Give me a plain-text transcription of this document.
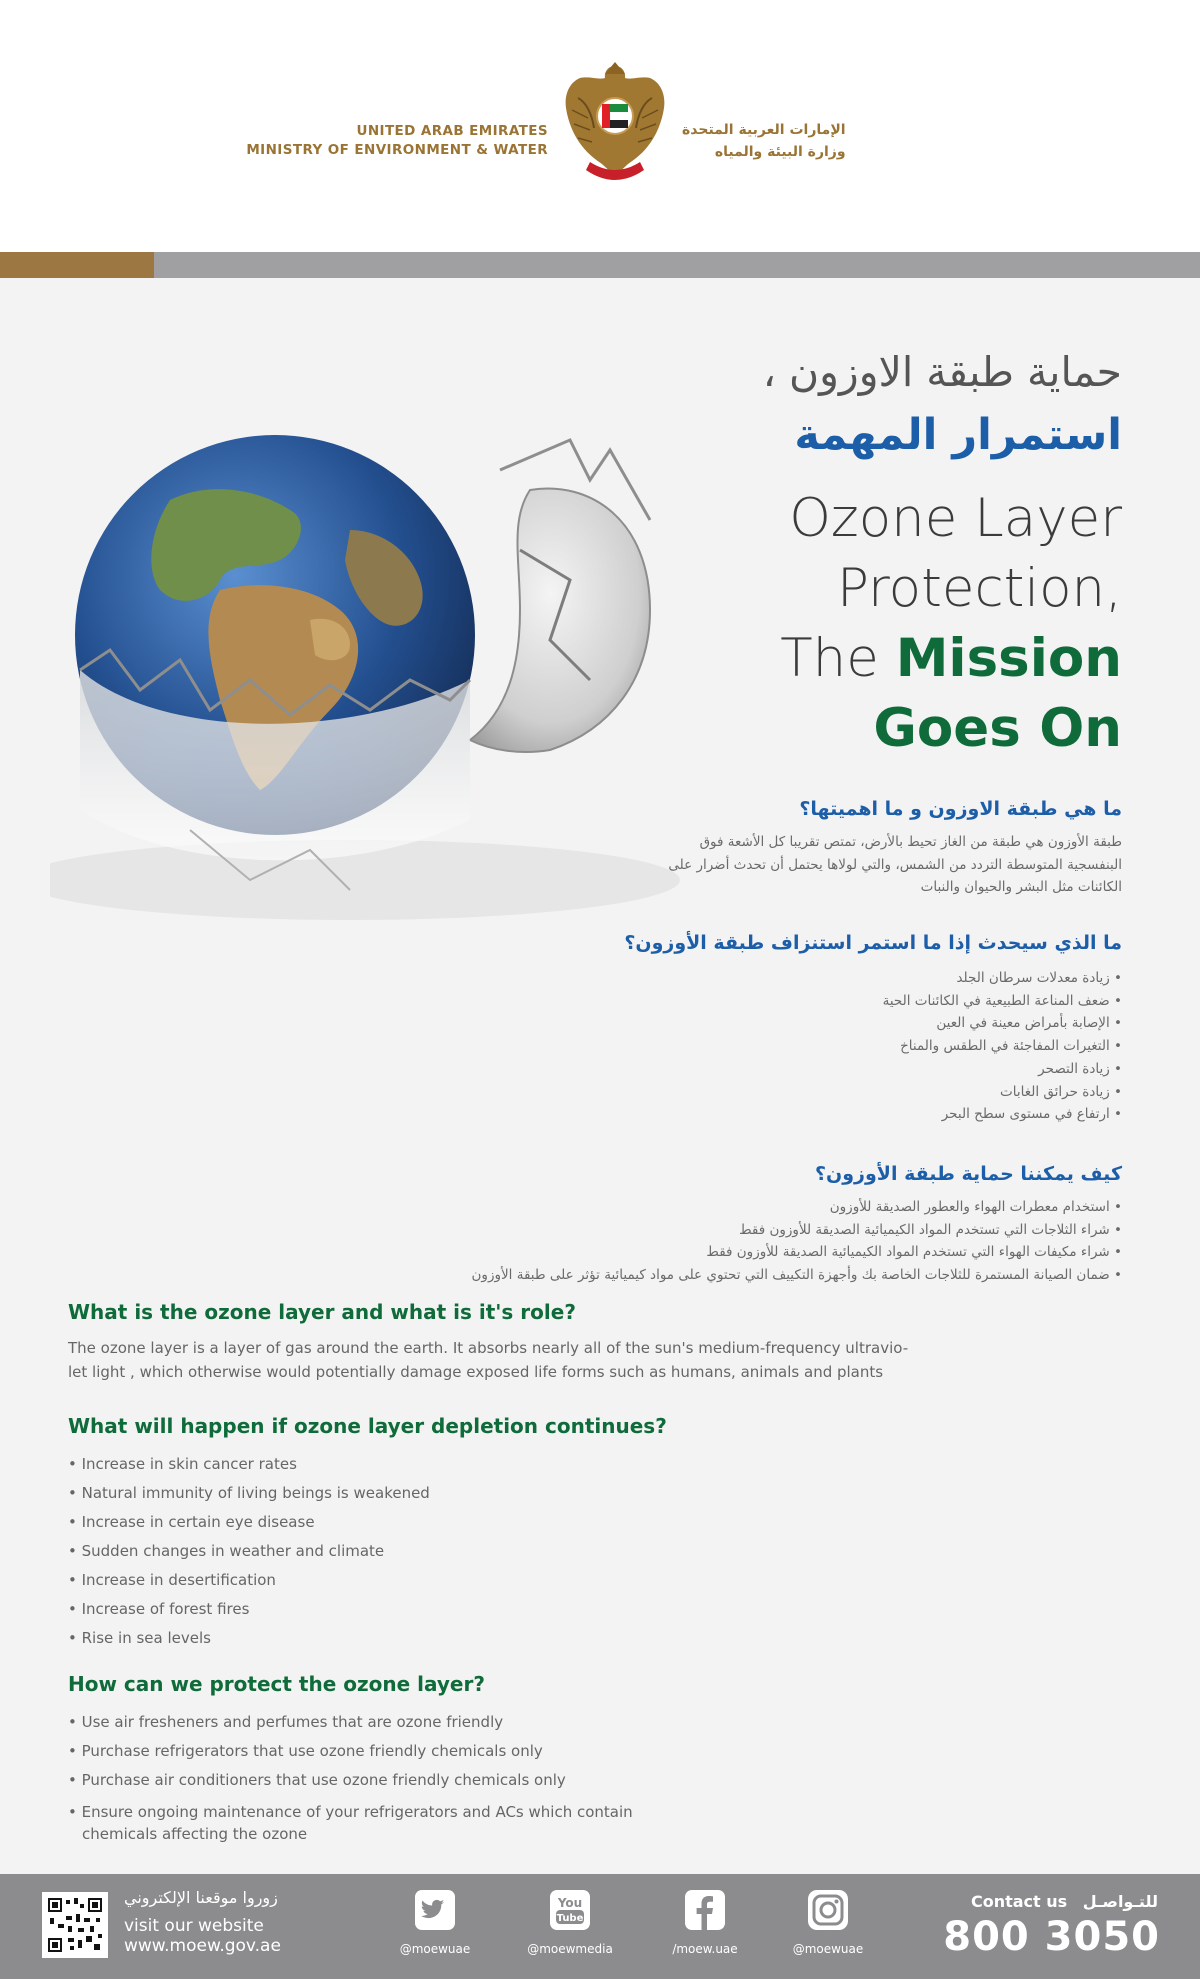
UNITED ARAB EMIRATES
MINISTRY OF ENVIRONMENT & WATER
الإمارات العربية المتحدة
وزارة البيئة والمياه
حماية طبقة الاوزون ،
استمرار المهمة
Ozone Layer
Protection,
The Mission
Goes On
ما هي طبقة الاوزون و ما اهميتها؟
طبقة الأوزون هي طبقة من الغاز تحيط بالأرض، تمتص تقريبا كل الأشعة فوق
البنفسجية المتوسطة التردد من الشمس، والتي لولاها يحتمل أن تحدث أضرار على
الكائنات مثل البشر والحيوان والنبات
ما الذي سيحدث إذا ما استمر استنزاف طبقة الأوزون؟
• زيادة معدلات سرطان الجلد
• ضعف المناعة الطبيعية في الكائنات الحية
• الإصابة بأمراض معينة في العين
• التغيرات المفاجئة في الطقس والمناخ
• زيادة التصحر
• زيادة حرائق الغابات
• ارتفاع في مستوى سطح البحر
كيف يمكننا حماية طبقة الأوزون؟
• استخدام معطرات الهواء والعطور الصديقة للأوزون
• شراء الثلاجات التي تستخدم المواد الكيميائية الصديقة للأوزون فقط
• شراء مكيفات الهواء التي تستخدم المواد الكيميائية الصديقة للأوزون فقط
• ضمان الصيانة المستمرة للثلاجات الخاصة بك وأجهزة التكييف التي تحتوي على مواد كيميائية تؤثر على طبقة الأوزون
What is the ozone layer and what is it's role?
The ozone layer is a layer of gas around the earth. It absorbs nearly all of the sun's medium-frequency ultravio-
let light , which otherwise would potentially damage exposed life forms such as humans, animals and plants
What will happen if ozone layer depletion continues?
• Increase in skin cancer rates
• Natural immunity of living beings is weakened
• Increase in certain eye disease
• Sudden changes in weather and climate
• Increase in desertification
• Increase of forest fires
• Rise in sea levels
How can we protect the ozone layer?
• Use air fresheners and perfumes that are ozone friendly
• Purchase refrigerators that use ozone friendly chemicals only
• Purchase air conditioners that use ozone friendly chemicals only
• Ensure ongoing maintenance of your refrigerators and ACs which contain chemicals affecting the ozone
زوروا موقعنا الإلكتروني
visit our website
www.moew.gov.ae	@moewuae
You
Tube
@moewmedia	/moew.uae	@moewuae
Contact us للتـواصـل
800 3050
